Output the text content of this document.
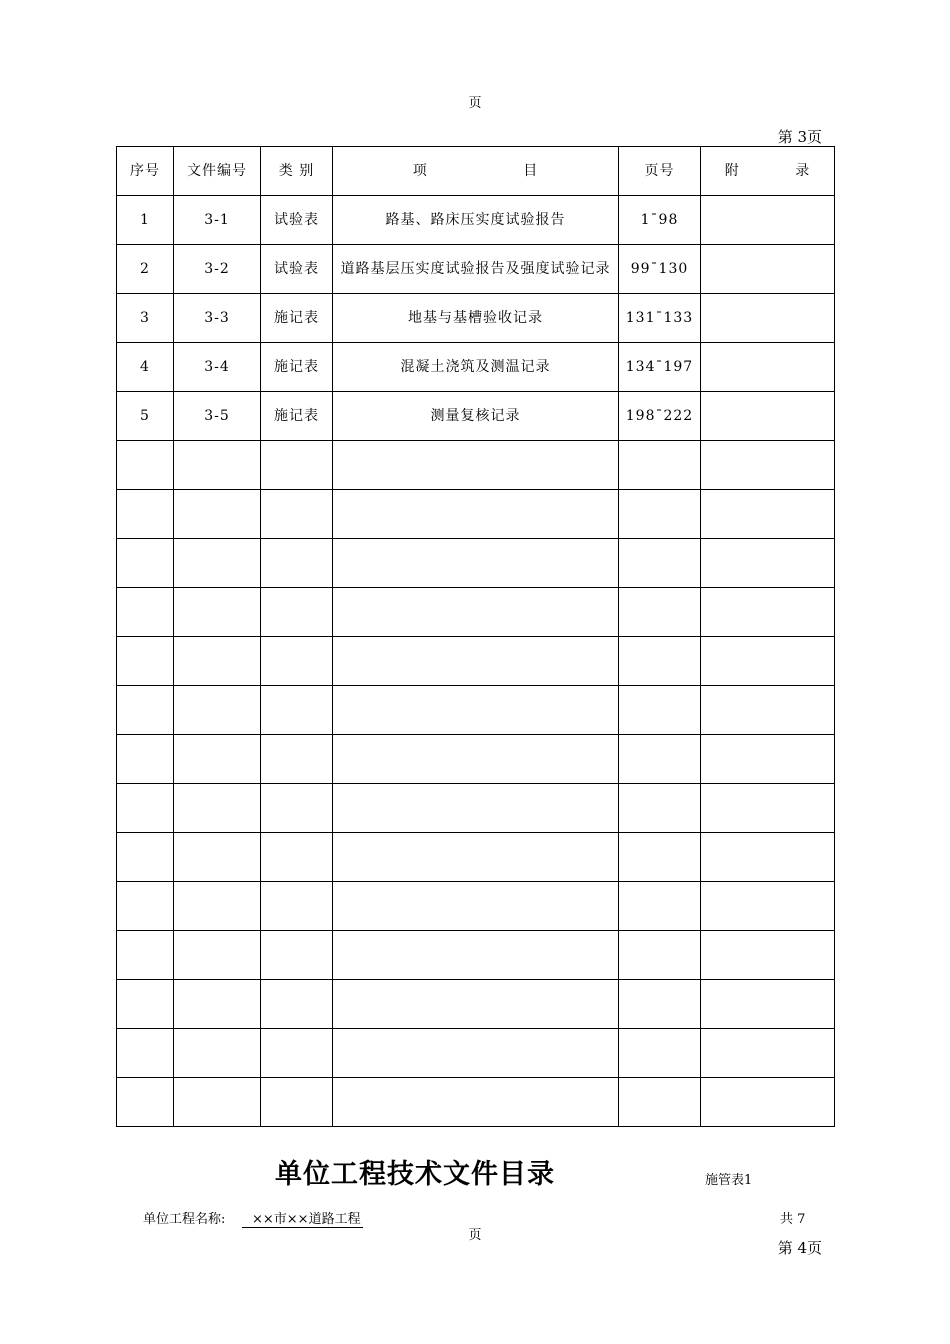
页
第 3页
序号	文件编号	类 别	项 目	页号	附 录
1	3-1	试验表	路基、路床压实度试验报告	1¯98	
2	3-2	试验表	道路基层压实度试验报告及强度试验记录	99¯130	
3	3-3	施记表	地基与基槽验收记录	131¯133	
4	3-4	施记表	混凝土浇筑及测温记录	134¯197	
5	3-5	施记表	测量复核记录	198¯222	

单位工程技术文件目录	施管表1
单位工程名称:	××市××道路工程	共 7
页
第 4页
